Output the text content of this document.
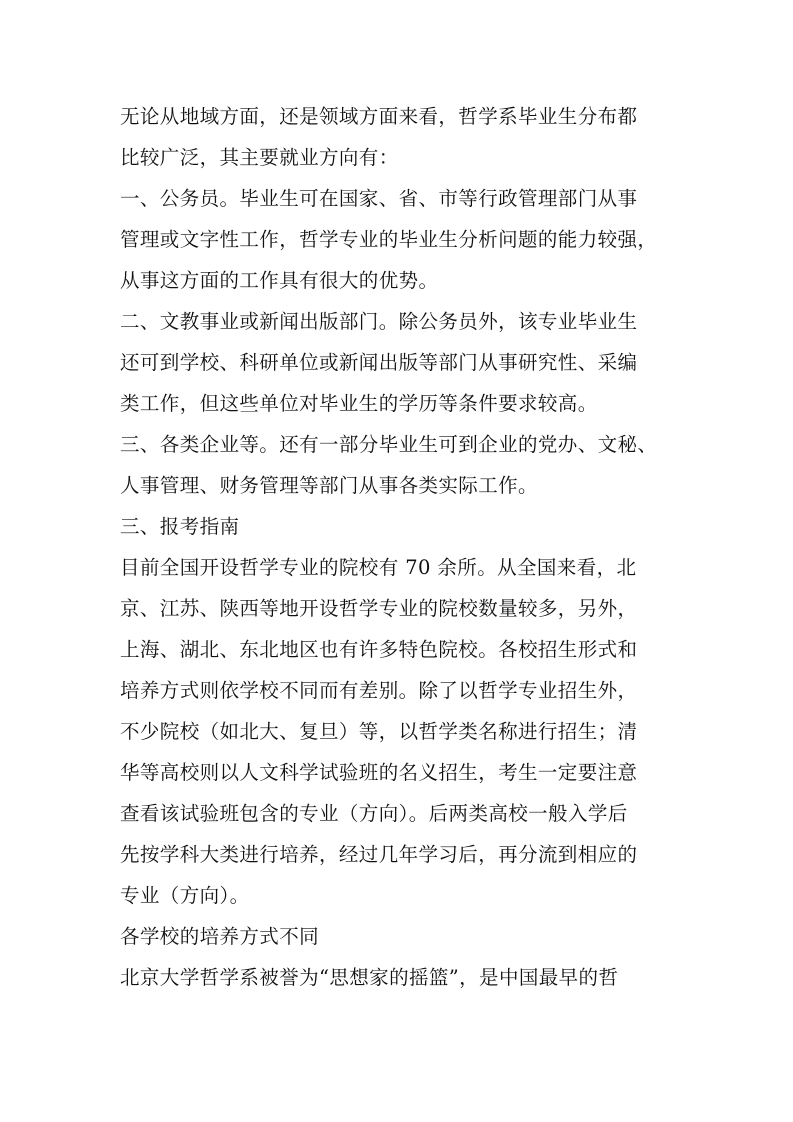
无论从地域方面，还是领域方面来看，哲学系毕业生分布都
比较广泛，其主要就业方向有：
一、公务员。毕业生可在国家、省、市等行政管理部门从事
管理或文字性工作，哲学专业的毕业生分析问题的能力较强，
从事这方面的工作具有很大的优势。
二、文教事业或新闻出版部门。除公务员外，该专业毕业生
还可到学校、科研单位或新闻出版等部门从事研究性、采编
类工作，但这些单位对毕业生的学历等条件要求较高。
三、各类企业等。还有一部分毕业生可到企业的党办、文秘、
人事管理、财务管理等部门从事各类实际工作。
三、报考指南
目前全国开设哲学专业的院校有 70 余所。从全国来看，北
京、江苏、陕西等地开设哲学专业的院校数量较多，另外，
上海、湖北、东北地区也有许多特色院校。各校招生形式和
培养方式则依学校不同而有差别。除了以哲学专业招生外，
不少院校（如北大、复旦）等，以哲学类名称进行招生；清
华等高校则以人文科学试验班的名义招生，考生一定要注意
查看该试验班包含的专业（方向）。后两类高校一般入学后
先按学科大类进行培养，经过几年学习后，再分流到相应的
专业（方向）。
各学校的培养方式不同
北京大学哲学系被誉为“思想家的摇篮”，是中国最早的哲
